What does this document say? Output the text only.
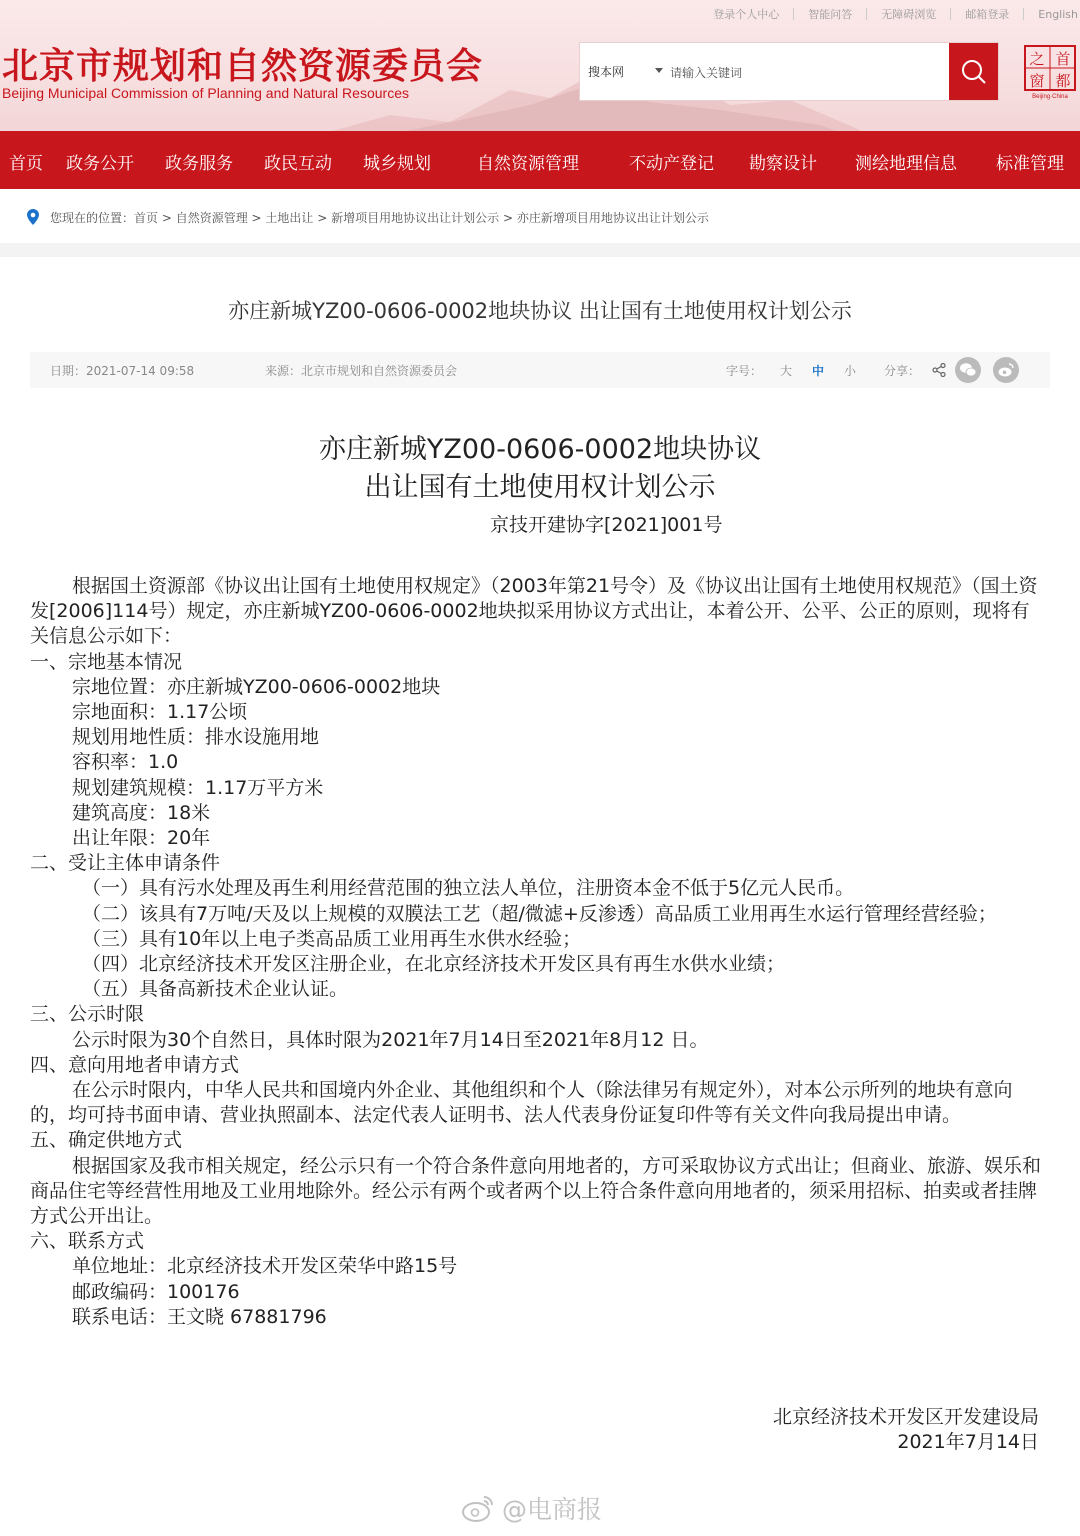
北京市规划和自然资源委员会
Beijing Municipal Commission of Planning and Natural Resources
登录个人中心	智能问答	无障碍浏览	邮箱登录	English
搜本网
请输入关键词
之 首
窗 都
Beijing·China
首页 政务公开 政务服务 政民互动 城乡规划	自然资源管理	不动产登记 勘察设计 测绘地理信息 标准管理
您现在的位置：首页 > 自然资源管理 > 土地出让 > 新增项目用地协议出让计划公示 > 亦庄新增项目用地协议出让计划公示
亦庄新城YZ00-0606-0002地块协议 出让国有土地使用权计划公示
日期：2021-07-14 09:58	来源：北京市规划和自然资源委员会	字号： 大 中 小 分享：
亦庄新城YZ00-0606-0002地块协议
出让国有土地使用权计划公示
京技开建协字[2021]001号

根据国土资源部《协议出让国有土地使用权规定》（2003年第21号令）及《协议出让国有土地使用权规范》（国土资发[2006]114号）规定，亦庄新城YZ00-0606-0002地块拟采用协议方式出让，本着公开、公平、公正的原则，现将有关信息公示如下：

一、宗地基本情况

宗地位置：亦庄新城YZ00-0606-0002地块

宗地面积：1.17公顷

规划用地性质：排水设施用地

容积率：1.0

规划建筑规模：1.17万平方米

建筑高度：18米

出让年限：20年

二、受让主体申请条件

（一）具有污水处理及再生利用经营范围的独立法人单位，注册资本金不低于5亿元人民币。

（二）该具有7万吨/天及以上规模的双膜法工艺（超/微滤+反渗透）高品质工业用再生水运行管理经营经验；

（三）具有10年以上电子类高品质工业用再生水供水经验；

（四）北京经济技术开发区注册企业，在北京经济技术开发区具有再生水供水业绩；

（五）具备高新技术企业认证。

三、公示时限

公示时限为30个自然日，具体时限为2021年7月14日至2021年8月12 日。

四、意向用地者申请方式

在公示时限内，中华人民共和国境内外企业、其他组织和个人（除法律另有规定外），对本公示所列的地块有意向的，均可持书面申请、营业执照副本、法定代表人证明书、法人代表身份证复印件等有关文件向我局提出申请。

五、确定供地方式

根据国家及我市相关规定，经公示只有一个符合条件意向用地者的，方可采取协议方式出让；但商业、旅游、娱乐和商品住宅等经营性用地及工业用地除外。经公示有两个或者两个以上符合条件意向用地者的，须采用招标、拍卖或者挂牌方式公开出让。

六、联系方式

单位地址：北京经济技术开发区荣华中路15号

邮政编码：100176

联系电话：王文晓 67881796

北京经济技术开发区开发建设局
2021年7月14日
@电商报
